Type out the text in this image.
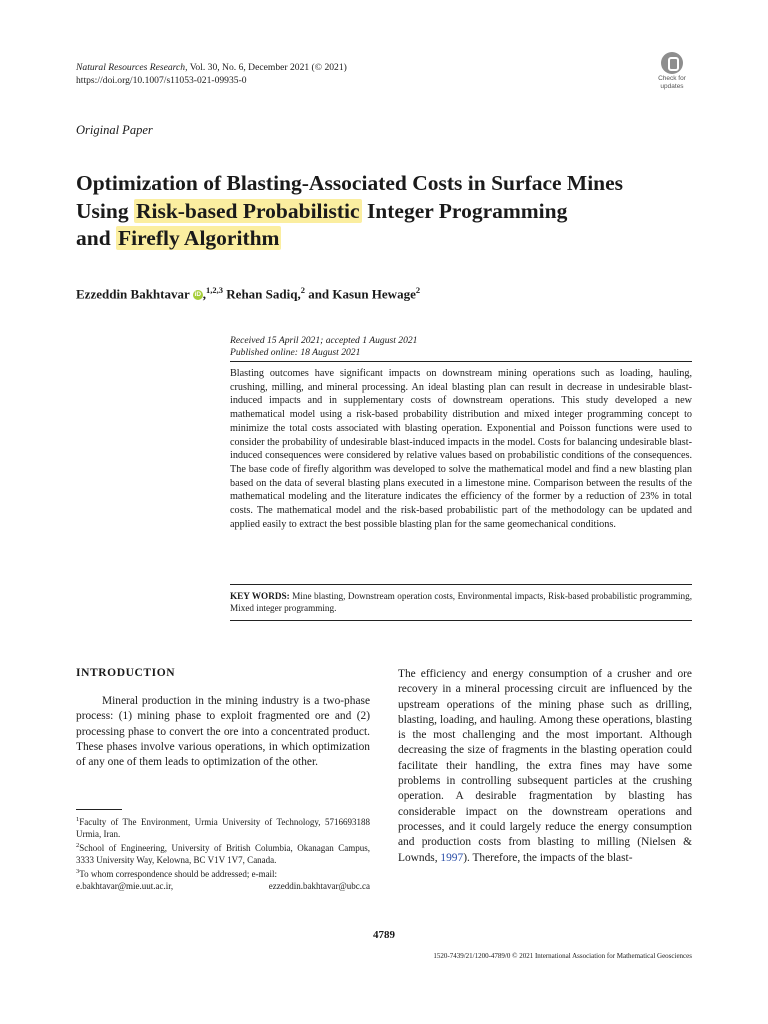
Natural Resources Research, Vol. 30, No. 6, December 2021 (© 2021)
https://doi.org/10.1007/s11053-021-09935-0	Check for
updates
Original Paper
Optimization of Blasting-Associated Costs in Surface Mines
Using Risk-based Probabilistic Integer Programming
and Firefly Algorithm
Ezzeddin Bakhtavar iD ,$^{1,2,3}$ Rehan Sadiq,$^2$ and Kasun Hewage$^2$
Received 15 April 2021; accepted 1 August 2021
Published online: 18 August 2021
Blasting outcomes have significant impacts on downstream mining operations such as loading, hauling, crushing, milling, and mineral processing. An ideal blasting plan can result in decrease in undesirable blast-induced impacts and in supplementary costs of downstream operations. This study developed a new mathematical model using a risk-based probability distribution and mixed integer programming concept to minimize the total costs associated with blasting operation. Exponential and Poisson functions were used to consider the probability of undesirable blast-induced impacts in the model. Costs for balancing undesirable blast-induced consequences were considered by relative values based on probabilistic conditions of the consequences. The base code of firefly algorithm was developed to solve the mathematical model and find a new blasting plan based on the data of several blasting plans executed in a limestone mine. Comparison between the results of the mathematical modeling and the literature indicates the efficiency of the former by a reduction of 23% in total costs. The mathematical model and the risk-based probabilistic part of the methodology can be updated and applied easily to extract the best possible blasting plan for the same geomechanical conditions.
KEY WORDS: Mine blasting, Downstream operation costs, Environmental impacts, Risk-based probabilistic programming, Mixed integer programming.
INTRODUCTION
Mineral production in the mining industry is a two-phase process: (1) mining phase to exploit fragmented ore and (2) processing phase to convert the ore into a concentrated product. These phases involve various operations, in which optimization of any one of them leads to optimization of the other.
The efficiency and energy consumption of a crusher and ore recovery in a mineral processing circuit are influenced by the upstream operations of the mining phase such as drilling, blasting, loading, and hauling. Among these operations, blasting is the most challenging and the most important. Although decreasing the size of fragments in the blasting operation could facilitate their handling, the extra fines may have some problems in controlling subsequent particles at the crushing operation. A desirable fragmentation by blasting has considerable impact on the downstream operations and processes, and it could largely reduce the energy consumption and production costs from blasting to milling (Nielsen & Lownds, 1997). Therefore, the impacts of the blast-
$^1$Faculty of The Environment, Urmia University of Technology, 5716693188 Urmia, Iran.
$^2$School of Engineering, University of British Columbia, Okanagan Campus, 3333 University Way, Kelowna, BC V1V 1V7, Canada.
$^3$To whom correspondence should be addressed; e-mail:
e.bakhtavar@mie.uut.ac.ir,	ezzeddin.bakhtavar@ubc.ca
4789
1520-7439/21/1200-4789/0 © 2021 International Association for Mathematical Geosciences
